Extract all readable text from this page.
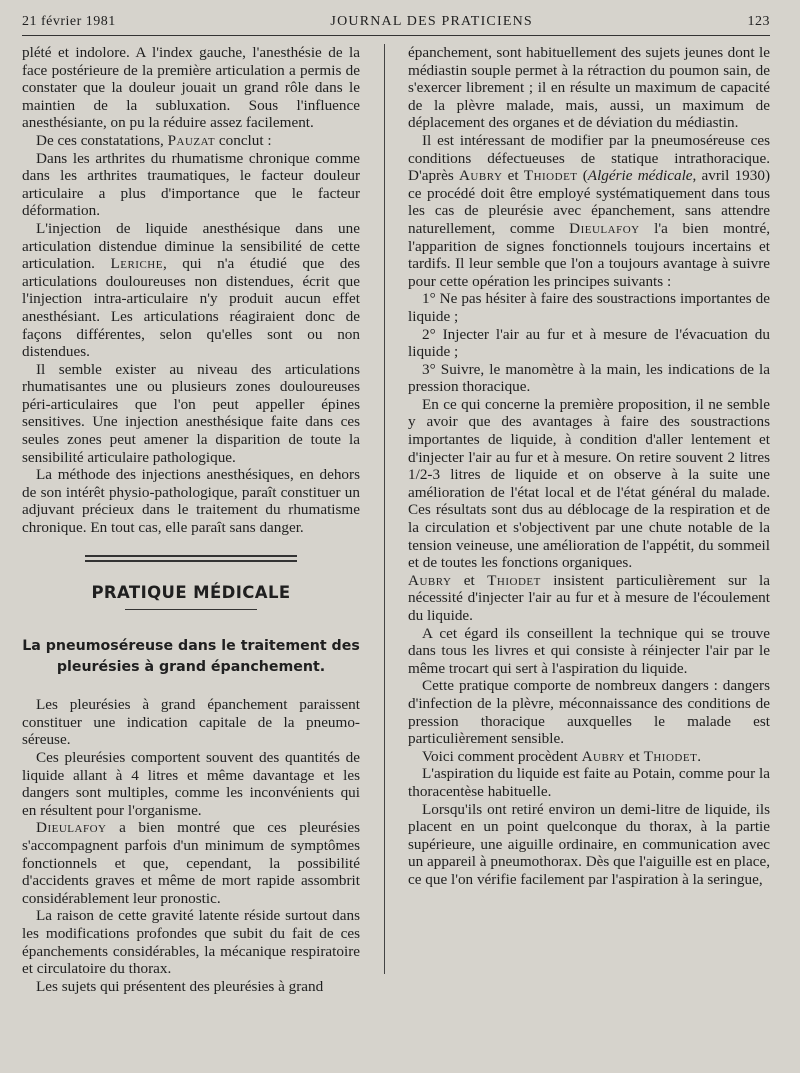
21 février 1981	JOURNAL DES PRATICIENS	123

plété et indolore. A l'index gauche, l'anesthésie de la face postérieure de la première articulation a permis de constater que la douleur jouait un grand rôle dans le maintien de la subluxation. Sous l'influence anesthésiante, on pu la réduire assez facilement.

De ces constatations, Pauzat conclut :

Dans les arthrites du rhumatisme chronique comme dans les arthrites traumatiques, le facteur douleur articulaire a plus d'importance que le facteur déformation.

L'injection de liquide anesthésique dans une articulation distendue diminue la sensibilité de cette articulation. Leriche, qui n'a étudié que des articulations douloureuses non distendues, écrit que l'injection intra-articulaire n'y produit aucun effet anesthésiant. Les articulations réagiraient donc de façons différentes, selon qu'elles sont ou non distendues.

Il semble exister au niveau des articulations rhumatisantes une ou plusieurs zones douloureuses péri-articulaires que l'on peut appeller épines sensitives. Une injection anesthésique faite dans ces seules zones peut amener la disparition de toute la sensibilité articulaire pathologique.

La méthode des injections anesthésiques, en dehors de son intérêt physio-pathologique, paraît constituer un adjuvant précieux dans le traitement du rhumatisme chronique. En tout cas, elle paraît sans danger.

PRATIQUE MÉDICALE
La pneumoséreuse dans le traitement des
pleurésies à grand épanchement.

Les pleurésies à grand épanchement paraissent constituer une indication capitale de la pneumo-séreuse.

Ces pleurésies comportent souvent des quantités de liquide allant à 4 litres et même davantage et les dangers sont multiples, comme les inconvénients qui en résultent pour l'organisme.

Dieulafoy a bien montré que ces pleurésies s'accompagnent parfois d'un minimum de symptômes fonctionnels et que, cependant, la possibilité d'accidents graves et même de mort rapide assombrit considérablement leur pronostic.

La raison de cette gravité latente réside surtout dans les modifications profondes que subit du fait de ces épanchements considérables, la mécanique respiratoire et circulatoire du thorax.

Les sujets qui présentent des pleurésies à grand

épanchement, sont habituellement des sujets jeunes dont le médiastin souple permet à la rétraction du poumon sain, de s'exercer librement ; il en résulte un maximum de capacité de la plèvre malade, mais, aussi, un maximum de déplacement des organes et de déviation du médiastin.

Il est intéressant de modifier par la pneumoséreuse ces conditions défectueuses de statique intrathoracique. D'après Aubry et Thiodet (Algérie médicale, avril 1930) ce procédé doit être employé systématiquement dans tous les cas de pleurésie avec épanchement, sans attendre naturellement, comme Dieulafoy l'a bien montré, l'apparition de signes fonctionnels toujours incertains et tardifs. Il leur semble que l'on a toujours avantage à suivre pour cette opération les principes suivants :

1° Ne pas hésiter à faire des soustractions importantes de liquide ;

2° Injecter l'air au fur et à mesure de l'évacuation du liquide ;

3° Suivre, le manomètre à la main, les indications de la pression thoracique.

En ce qui concerne la première proposition, il ne semble y avoir que des avantages à faire des soustractions importantes de liquide, à condition d'aller lentement et d'injecter l'air au fur et à mesure. On retire souvent 2 litres 1/2-3 litres de liquide et on observe à la suite une amélioration de l'état local et de l'état général du malade. Ces résultats sont dus au déblocage de la respiration et de la circulation et s'objectivent par une chute notable de la tension veineuse, une amélioration de l'appétit, du sommeil et de toutes les fonctions organiques.

Aubry et Thiodet insistent particulièrement sur la nécessité d'injecter l'air au fur et à mesure de l'écoulement du liquide.

A cet égard ils conseillent la technique qui se trouve dans tous les livres et qui consiste à réinjecter l'air par le même trocart qui sert à l'aspiration du liquide.

Cette pratique comporte de nombreux dangers : dangers d'infection de la plèvre, méconnaissance des conditions de pression thoracique auxquelles le malade est particulièrement sensible.

Voici comment procèdent Aubry et Thiodet.

L'aspiration du liquide est faite au Potain, comme pour la thoracentèse habituelle.

Lorsqu'ils ont retiré environ un demi-litre de liquide, ils placent en un point quelconque du thorax, à la partie supérieure, une aiguille ordinaire, en communication avec un appareil à pneumothorax. Dès que l'aiguille est en place, ce que l'on vérifie facilement par l'aspiration à la seringue,
